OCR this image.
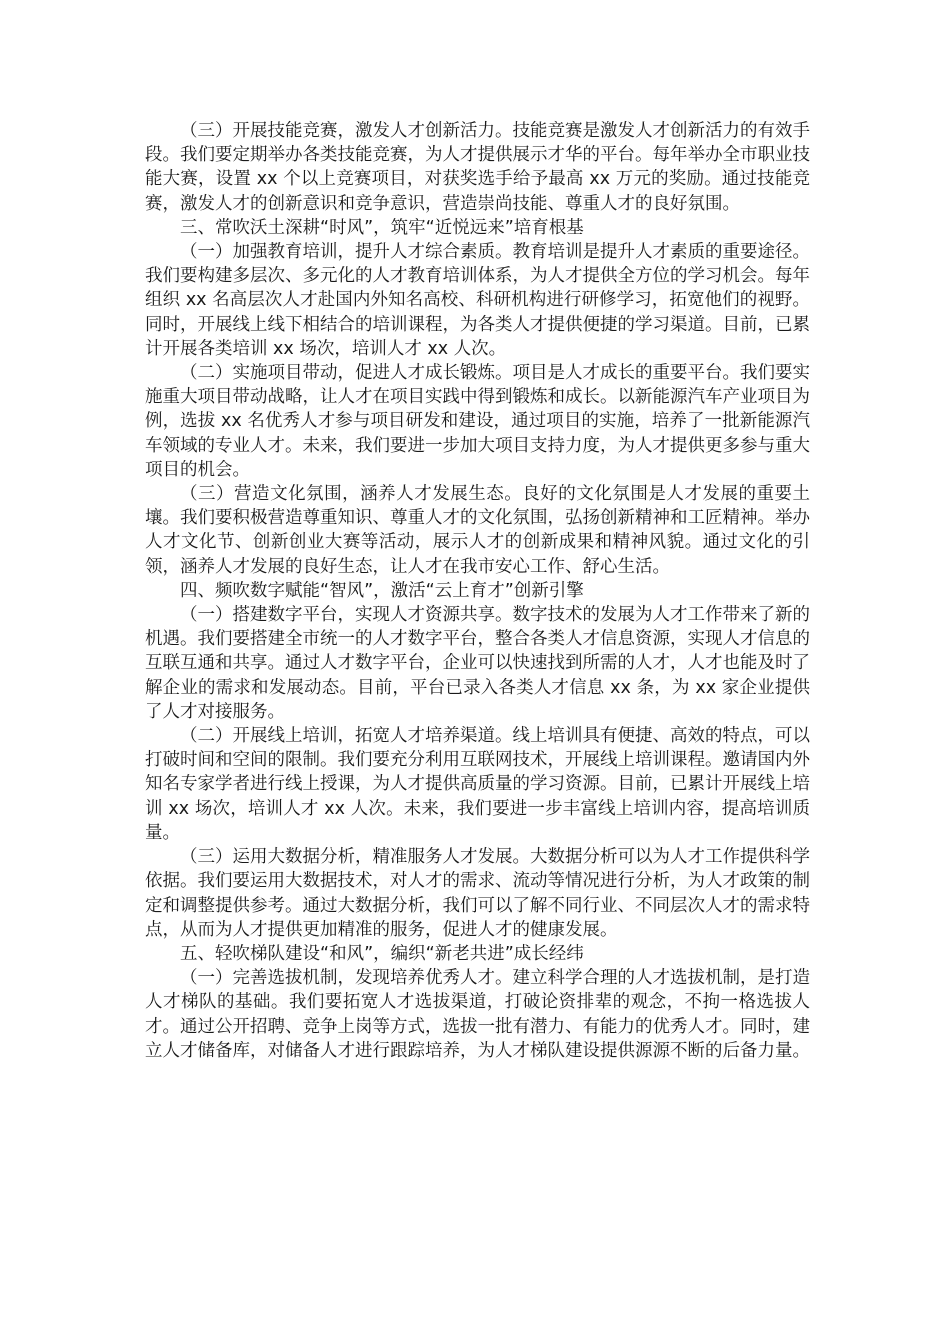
（三）开展技能竞赛，激发人才创新活力。技能竞赛是激发人才创新活力的有效手段。我们要定期举办各类技能竞赛，为人才提供展示才华的平台。每年举办全市职业技能大赛，设置 xx 个以上竞赛项目，对获奖选手给予最高 xx 万元的奖励。通过技能竞赛，激发人才的创新意识和竞争意识，营造崇尚技能、尊重人才的良好氛围。

三、常吹沃土深耕“时风”，筑牢“近悦远来”培育根基

（一）加强教育培训，提升人才综合素质。教育培训是提升人才素质的重要途径。我们要构建多层次、多元化的人才教育培训体系，为人才提供全方位的学习机会。每年组织 xx 名高层次人才赴国内外知名高校、科研机构进行研修学习，拓宽他们的视野。同时，开展线上线下相结合的培训课程，为各类人才提供便捷的学习渠道。目前，已累计开展各类培训 xx 场次，培训人才 xx 人次。

（二）实施项目带动，促进人才成长锻炼。项目是人才成长的重要平台。我们要实施重大项目带动战略，让人才在项目实践中得到锻炼和成长。以新能源汽车产业项目为例，选拔 xx 名优秀人才参与项目研发和建设，通过项目的实施，培养了一批新能源汽车领域的专业人才。未来，我们要进一步加大项目支持力度，为人才提供更多参与重大项目的机会。

（三）营造文化氛围，涵养人才发展生态。良好的文化氛围是人才发展的重要土壤。我们要积极营造尊重知识、尊重人才的文化氛围，弘扬创新精神和工匠精神。举办人才文化节、创新创业大赛等活动，展示人才的创新成果和精神风貌。通过文化的引领，涵养人才发展的良好生态，让人才在我市安心工作、舒心生活。

四、频吹数字赋能“智风”，激活“云上育才”创新引擎

（一）搭建数字平台，实现人才资源共享。数字技术的发展为人才工作带来了新的机遇。我们要搭建全市统一的人才数字平台，整合各类人才信息资源，实现人才信息的互联互通和共享。通过人才数字平台，企业可以快速找到所需的人才，人才也能及时了解企业的需求和发展动态。目前，平台已录入各类人才信息 xx 条，为 xx 家企业提供了人才对接服务。

（二）开展线上培训，拓宽人才培养渠道。线上培训具有便捷、高效的特点，可以打破时间和空间的限制。我们要充分利用互联网技术，开展线上培训课程。邀请国内外知名专家学者进行线上授课，为人才提供高质量的学习资源。目前，已累计开展线上培训 xx 场次，培训人才 xx 人次。未来，我们要进一步丰富线上培训内容，提高培训质量。

（三）运用大数据分析，精准服务人才发展。大数据分析可以为人才工作提供科学依据。我们要运用大数据技术，对人才的需求、流动等情况进行分析，为人才政策的制定和调整提供参考。通过大数据分析，我们可以了解不同行业、不同层次人才的需求特点，从而为人才提供更加精准的服务，促进人才的健康发展。

五、轻吹梯队建设“和风”，编织“新老共进”成长经纬

（一）完善选拔机制，发现培养优秀人才。建立科学合理的人才选拔机制，是打造人才梯队的基础。我们要拓宽人才选拔渠道，打破论资排辈的观念，不拘一格选拔人才。通过公开招聘、竞争上岗等方式，选拔一批有潜力、有能力的优秀人才。同时，建立人才储备库，对储备人才进行跟踪培养，为人才梯队建设提供源源不断的后备力量。
